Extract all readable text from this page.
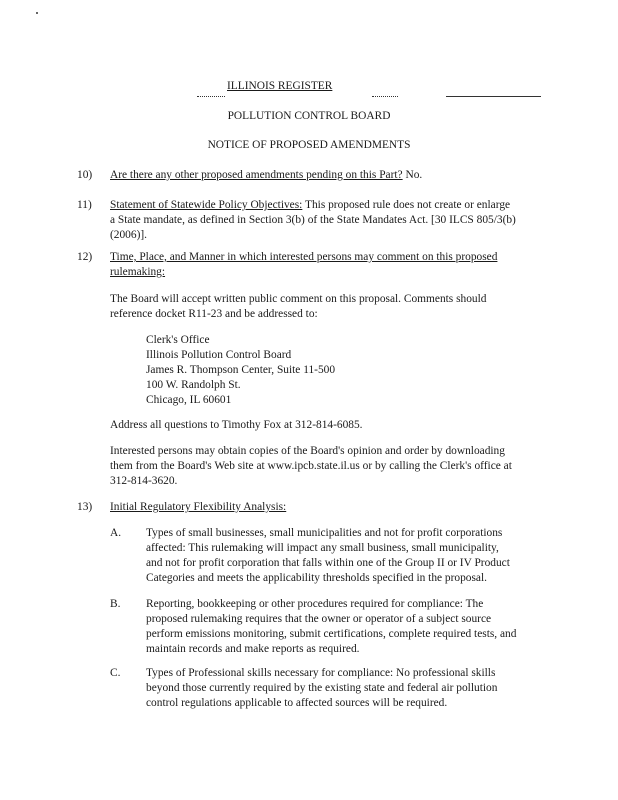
ILLINOIS REGISTER
POLLUTION CONTROL BOARD
NOTICE OF PROPOSED AMENDMENTS
10) Are there any other proposed amendments pending on this Part? No.
11) Statement of Statewide Policy Objectives: This proposed rule does not create or enlarge
a State mandate, as defined in Section 3(b) of the State Mandates Act. [30 ILCS 805/3(b)
(2006)].
12) Time, Place, and Manner in which interested persons may comment on this proposed
rulemaking:
The Board will accept written public comment on this proposal. Comments should
reference docket R11-23 and be addressed to:
Clerk's Office
Illinois Pollution Control Board
James R. Thompson Center, Suite 11-500
100 W. Randolph St.
Chicago, IL 60601
Address all questions to Timothy Fox at 312-814-6085.
Interested persons may obtain copies of the Board's opinion and order by downloading
them from the Board's Web site at www.ipcb.state.il.us or by calling the Clerk's office at
312-814-3620.
13) Initial Regulatory Flexibility Analysis:
A. Types of small businesses, small municipalities and not for profit corporations
affected: This rulemaking will impact any small business, small municipality,
and not for profit corporation that falls within one of the Group II or IV Product
Categories and meets the applicability thresholds specified in the proposal.
B. Reporting, bookkeeping or other procedures required for compliance: The
proposed rulemaking requires that the owner or operator of a subject source
perform emissions monitoring, submit certifications, complete required tests, and
maintain records and make reports as required.
C. Types of Professional skills necessary for compliance: No professional skills
beyond those currently required by the existing state and federal air pollution
control regulations applicable to affected sources will be required.
